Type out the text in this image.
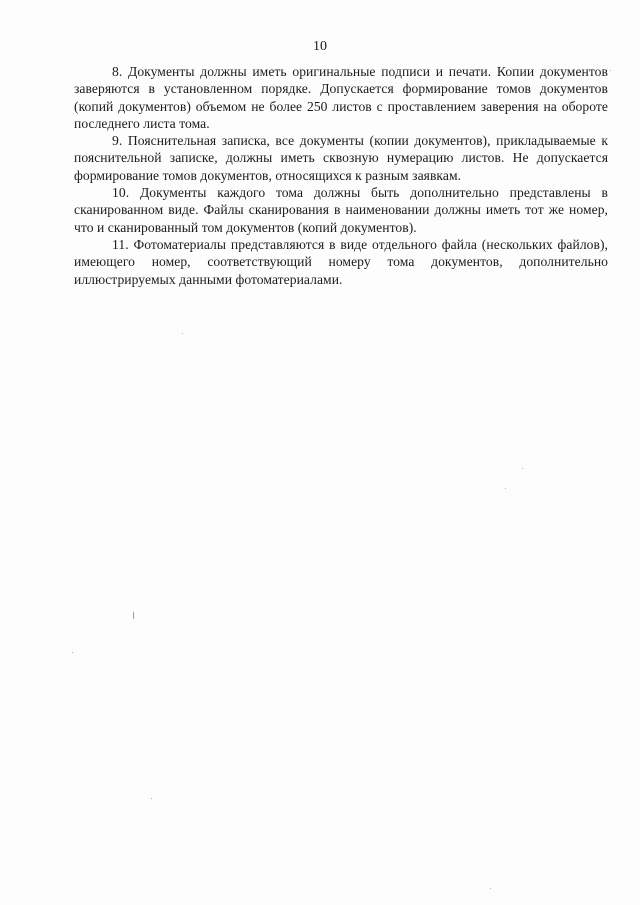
10

8. Документы должны иметь оригинальные подписи и печати. Копии документов заверяются в установленном порядке. Допускается формирование томов документов (копий документов) объемом не более 250 листов с проставлением заверения на обороте последнего листа тома.

9. Пояснительная записка, все документы (копии документов), прикладываемые к пояснительной записке, должны иметь сквозную нумерацию листов. Не допускается формирование томов документов, относящихся к разным заявкам.

10. Документы каждого тома должны быть дополнительно представлены в сканированном виде. Файлы сканирования в наименовании должны иметь тот же номер, что и сканированный том документов (копий документов).

11. Фотоматериалы представляются в виде отдельного файла (нескольких файлов), имеющего номер, соответствующий номеру тома документов, дополнительно иллюстрируемых данными фотоматериалами.
